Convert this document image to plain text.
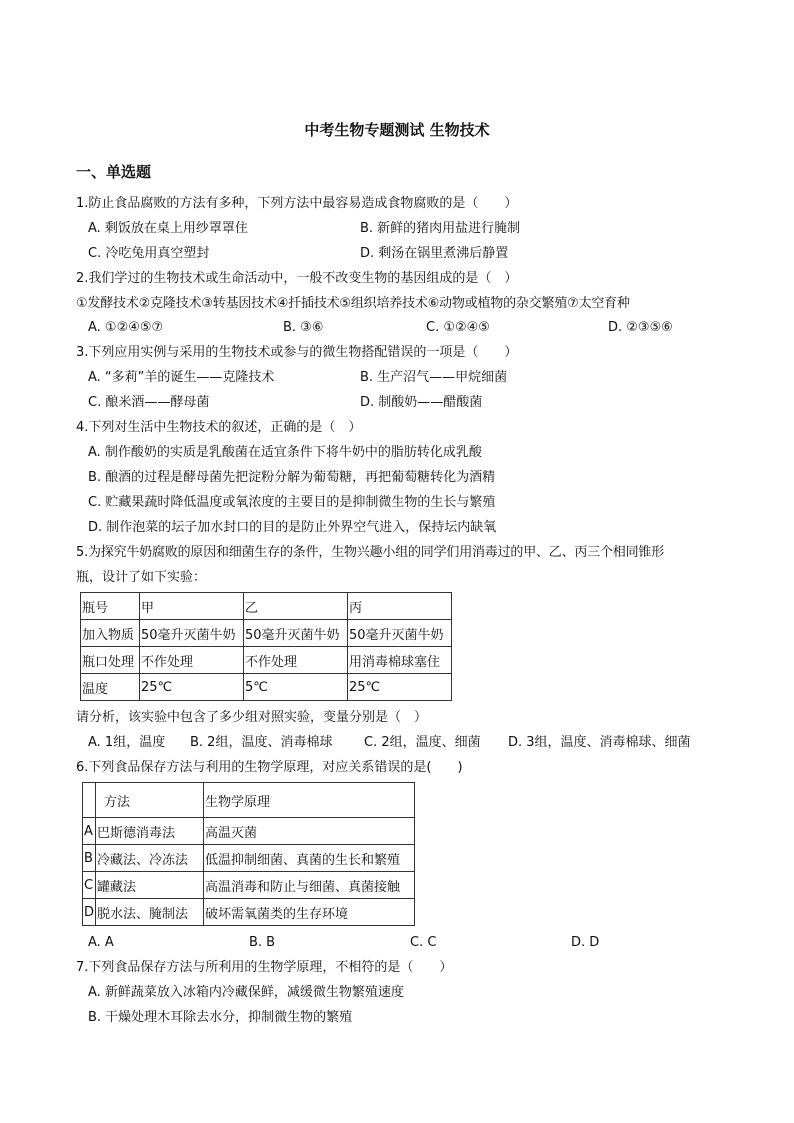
中考生物专题测试 生物技术
一、单选题
1.防止食品腐败的方法有多种，下列方法中最容易造成食物腐败的是（　　）
A. 剩饭放在桌上用纱罩罩住	B. 新鲜的猪肉用盐进行腌制
C. 冷吃兔用真空塑封	D. 剩汤在锅里煮沸后静置
2.我们学过的生物技术或生命活动中，一般不改变生物的基因组成的是（　）
①发酵技术②克隆技术③转基因技术④扦插技术⑤组织培养技术⑥动物或植物的杂交繁殖⑦太空育种
A. ①②④⑤⑦	B. ③⑥	C. ①②④⑤	D. ②③⑤⑥
3.下列应用实例与采用的生物技术或参与的微生物搭配错误的一项是（　　）
A. “多莉”羊的诞生——克隆技术	B. 生产沼气——甲烷细菌
C. 酿米酒——酵母菌	D. 制酸奶——醋酸菌
4.下列对生活中生物技术的叙述，正确的是（　）
A. 制作酸奶的实质是乳酸菌在适宜条件下将牛奶中的脂肪转化成乳酸
B. 酿酒的过程是酵母菌先把淀粉分解为葡萄糖，再把葡萄糖转化为酒精
C. 贮藏果蔬时降低温度或氧浓度的主要目的是抑制微生物的生长与繁殖
D. 制作泡菜的坛子加水封口的目的是防止外界空气进入，保持坛内缺氧
5.为探究牛奶腐败的原因和细菌生存的条件，生物兴趣小组的同学们用消毒过的甲、乙、丙三个相同锥形
瓶，设计了如下实验：
瓶号	甲	乙	丙
加入物质	50毫升灭菌牛奶	50毫升灭菌牛奶	50毫升灭菌牛奶
瓶口处理	不作处理	不作处理	用消毒棉球塞住
温度	25℃	5℃	25℃
请分析，该实验中包含了多少组对照实验，变量分别是（　）
A. 1组，温度 B. 2组，温度、消毒棉球 C. 2组，温度、细菌 D. 3组，温度、消毒棉球、细菌
6.下列食品保存方法与利用的生物学原理，对应关系错误的是(　　)
	方法	生物学原理
A	巴斯德消毒法	高温灭菌
B	冷藏法、冷冻法	低温抑制细菌、真菌的生长和繁殖
C	罐藏法	高温消毒和防止与细菌、真菌接触
D	脱水法、腌制法	破坏需氧菌类的生存环境
A. A	B. B	C. C	D. D
7.下列食品保存方法与所利用的生物学原理，不相符的是（　　）
A. 新鲜蔬菜放入冰箱内冷藏保鲜，减缓微生物繁殖速度
B. 干燥处理木耳除去水分，抑制微生物的繁殖
